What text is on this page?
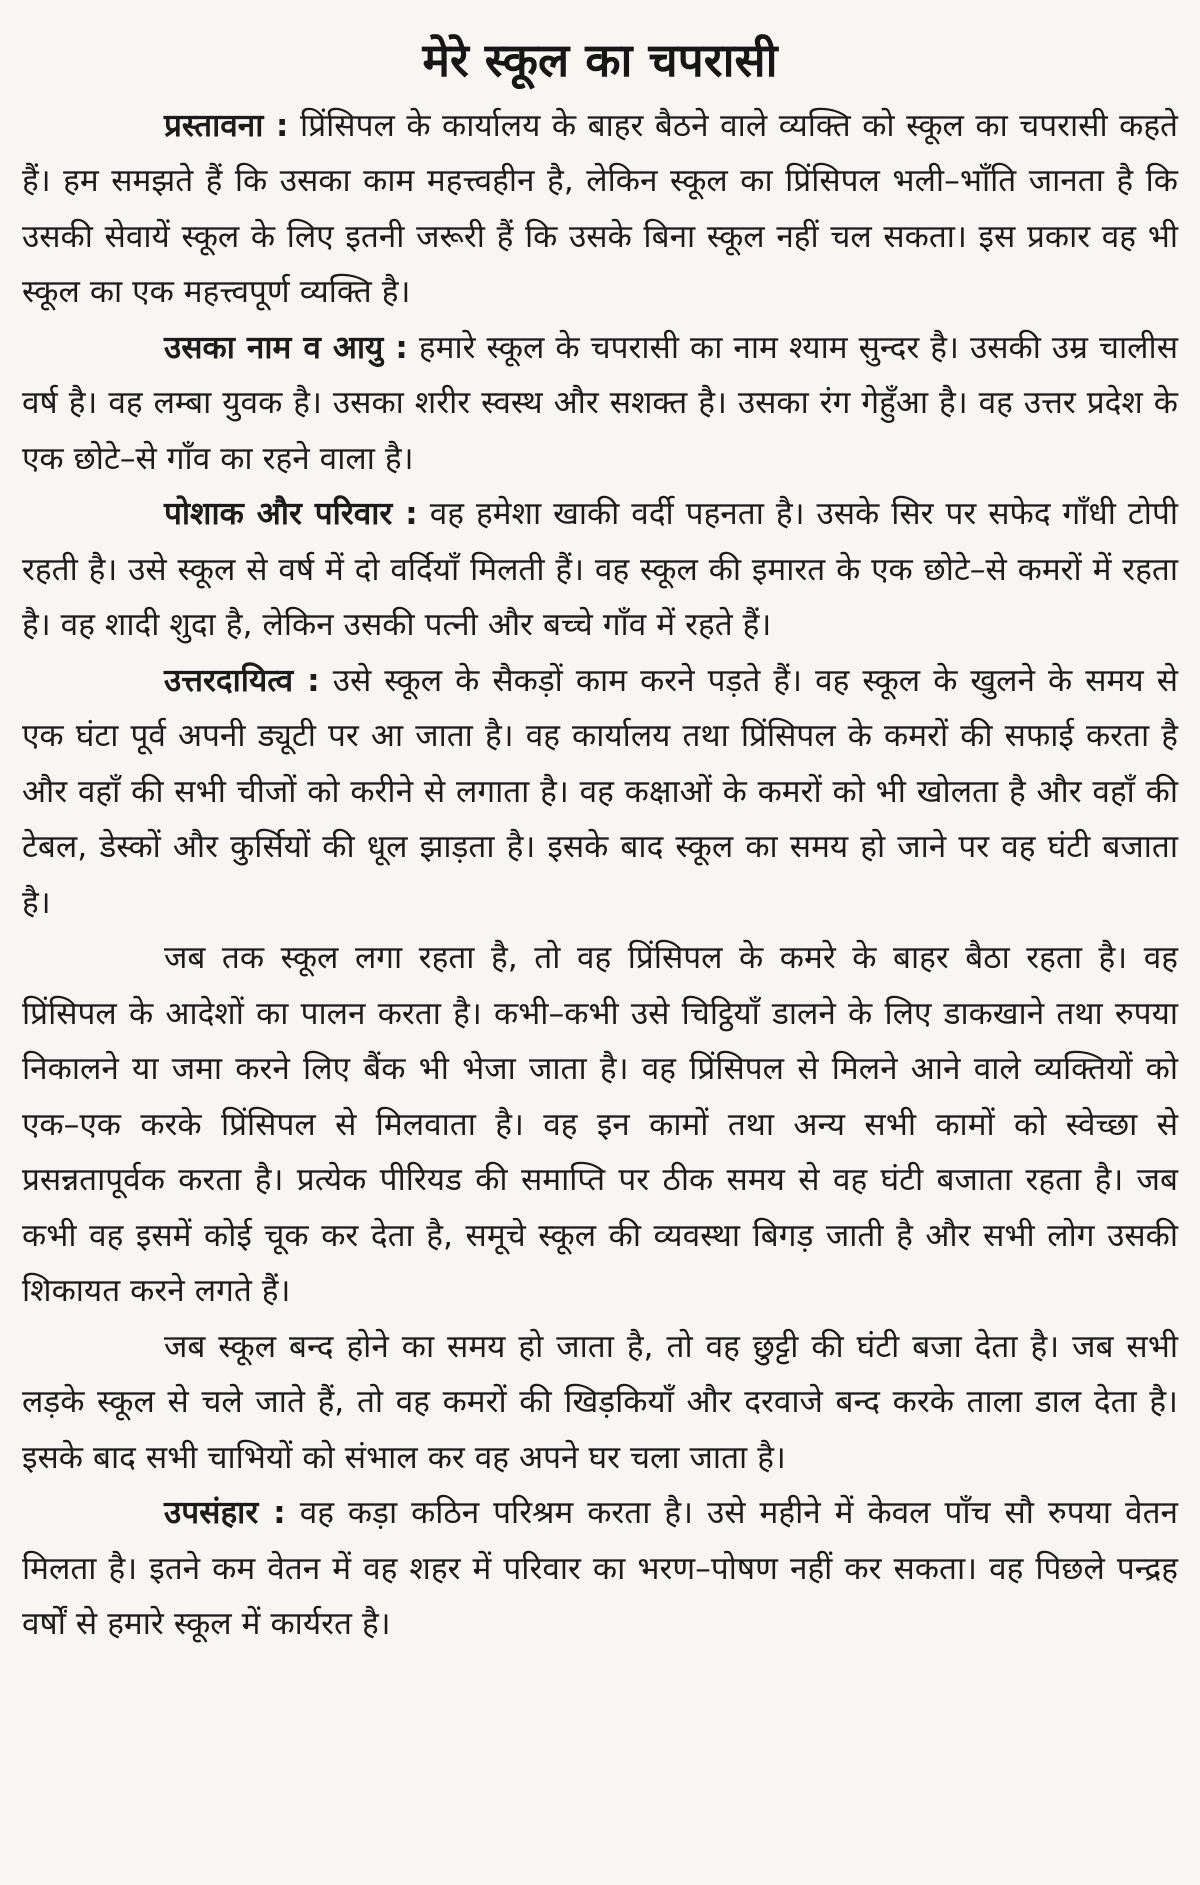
मेरे स्कूल का चपरासी

प्रस्तावना : प्रिंसिपल के कार्यालय के बाहर बैठने वाले व्यक्ति को स्कूल का चपरासी कहते हैं। हम समझते हैं कि उसका काम महत्त्वहीन है, लेकिन स्कूल का प्रिंसिपल भली–भाँति जानता है कि उसकी सेवायें स्कूल के लिए इतनी जरूरी हैं कि उसके बिना स्कूल नहीं चल सकता। इस प्रकार वह भी स्कूल का एक महत्त्वपूर्ण व्यक्ति है।

उसका नाम व आयु : हमारे स्कूल के चपरासी का नाम श्याम सुन्दर है। उसकी उम्र चालीस वर्ष है। वह लम्बा युवक है। उसका शरीर स्वस्थ और सशक्त है। उसका रंग गेहुँआ है। वह उत्तर प्रदेश के एक छोटे–से गाँव का रहने वाला है।

पोशाक और परिवार : वह हमेशा खाकी वर्दी पहनता है। उसके सिर पर सफेद गाँधी टोपी रहती है। उसे स्कूल से वर्ष में दो वर्दियाँ मिलती हैं। वह स्कूल की इमारत के एक छोटे–से कमरों में रहता है। वह शादी शुदा है, लेकिन उसकी पत्नी और बच्चे गाँव में रहते हैं।

उत्तरदायित्व : उसे स्कूल के सैकड़ों काम करने पड़ते हैं। वह स्कूल के खुलने के समय से एक घंटा पूर्व अपनी ड्यूटी पर आ जाता है। वह कार्यालय तथा प्रिंसिपल के कमरों की सफाई करता है और वहाँ की सभी चीजों को करीने से लगाता है। वह कक्षाओं के कमरों को भी खोलता है और वहाँ की टेबल, डेस्कों और कुर्सियों की धूल झाड़ता है। इसके बाद स्कूल का समय हो जाने पर वह घंटी बजाता है।

जब तक स्कूल लगा रहता है, तो वह प्रिंसिपल के कमरे के बाहर बैठा रहता है। वह प्रिंसिपल के आदेशों का पालन करता है। कभी–कभी उसे चिट्ठियाँ डालने के लिए डाकखाने तथा रुपया निकालने या जमा करने लिए बैंक भी भेजा जाता है। वह प्रिंसिपल से मिलने आने वाले व्यक्तियों को एक–एक करके प्रिंसिपल से मिलवाता है। वह इन कामों तथा अन्य सभी कामों को स्वेच्छा से प्रसन्नतापूर्वक करता है। प्रत्येक पीरियड की समाप्ति पर ठीक समय से वह घंटी बजाता रहता है। जब कभी वह इसमें कोई चूक कर देता है, समूचे स्कूल की व्यवस्था बिगड़ जाती है और सभी लोग उसकी शिकायत करने लगते हैं।

जब स्कूल बन्द होने का समय हो जाता है, तो वह छुट्टी की घंटी बजा देता है। जब सभी लड़के स्कूल से चले जाते हैं, तो वह कमरों की खिड़कियाँ और दरवाजे बन्द करके ताला डाल देता है। इसके बाद सभी चाभियों को संभाल कर वह अपने घर चला जाता है।

उपसंहार : वह कड़ा कठिन परिश्रम करता है। उसे महीने में केवल पाँच सौ रुपया वेतन मिलता है। इतने कम वेतन में वह शहर में परिवार का भरण–पोषण नहीं कर सकता। वह पिछले पन्द्रह वर्षों से हमारे स्कूल में कार्यरत है।
